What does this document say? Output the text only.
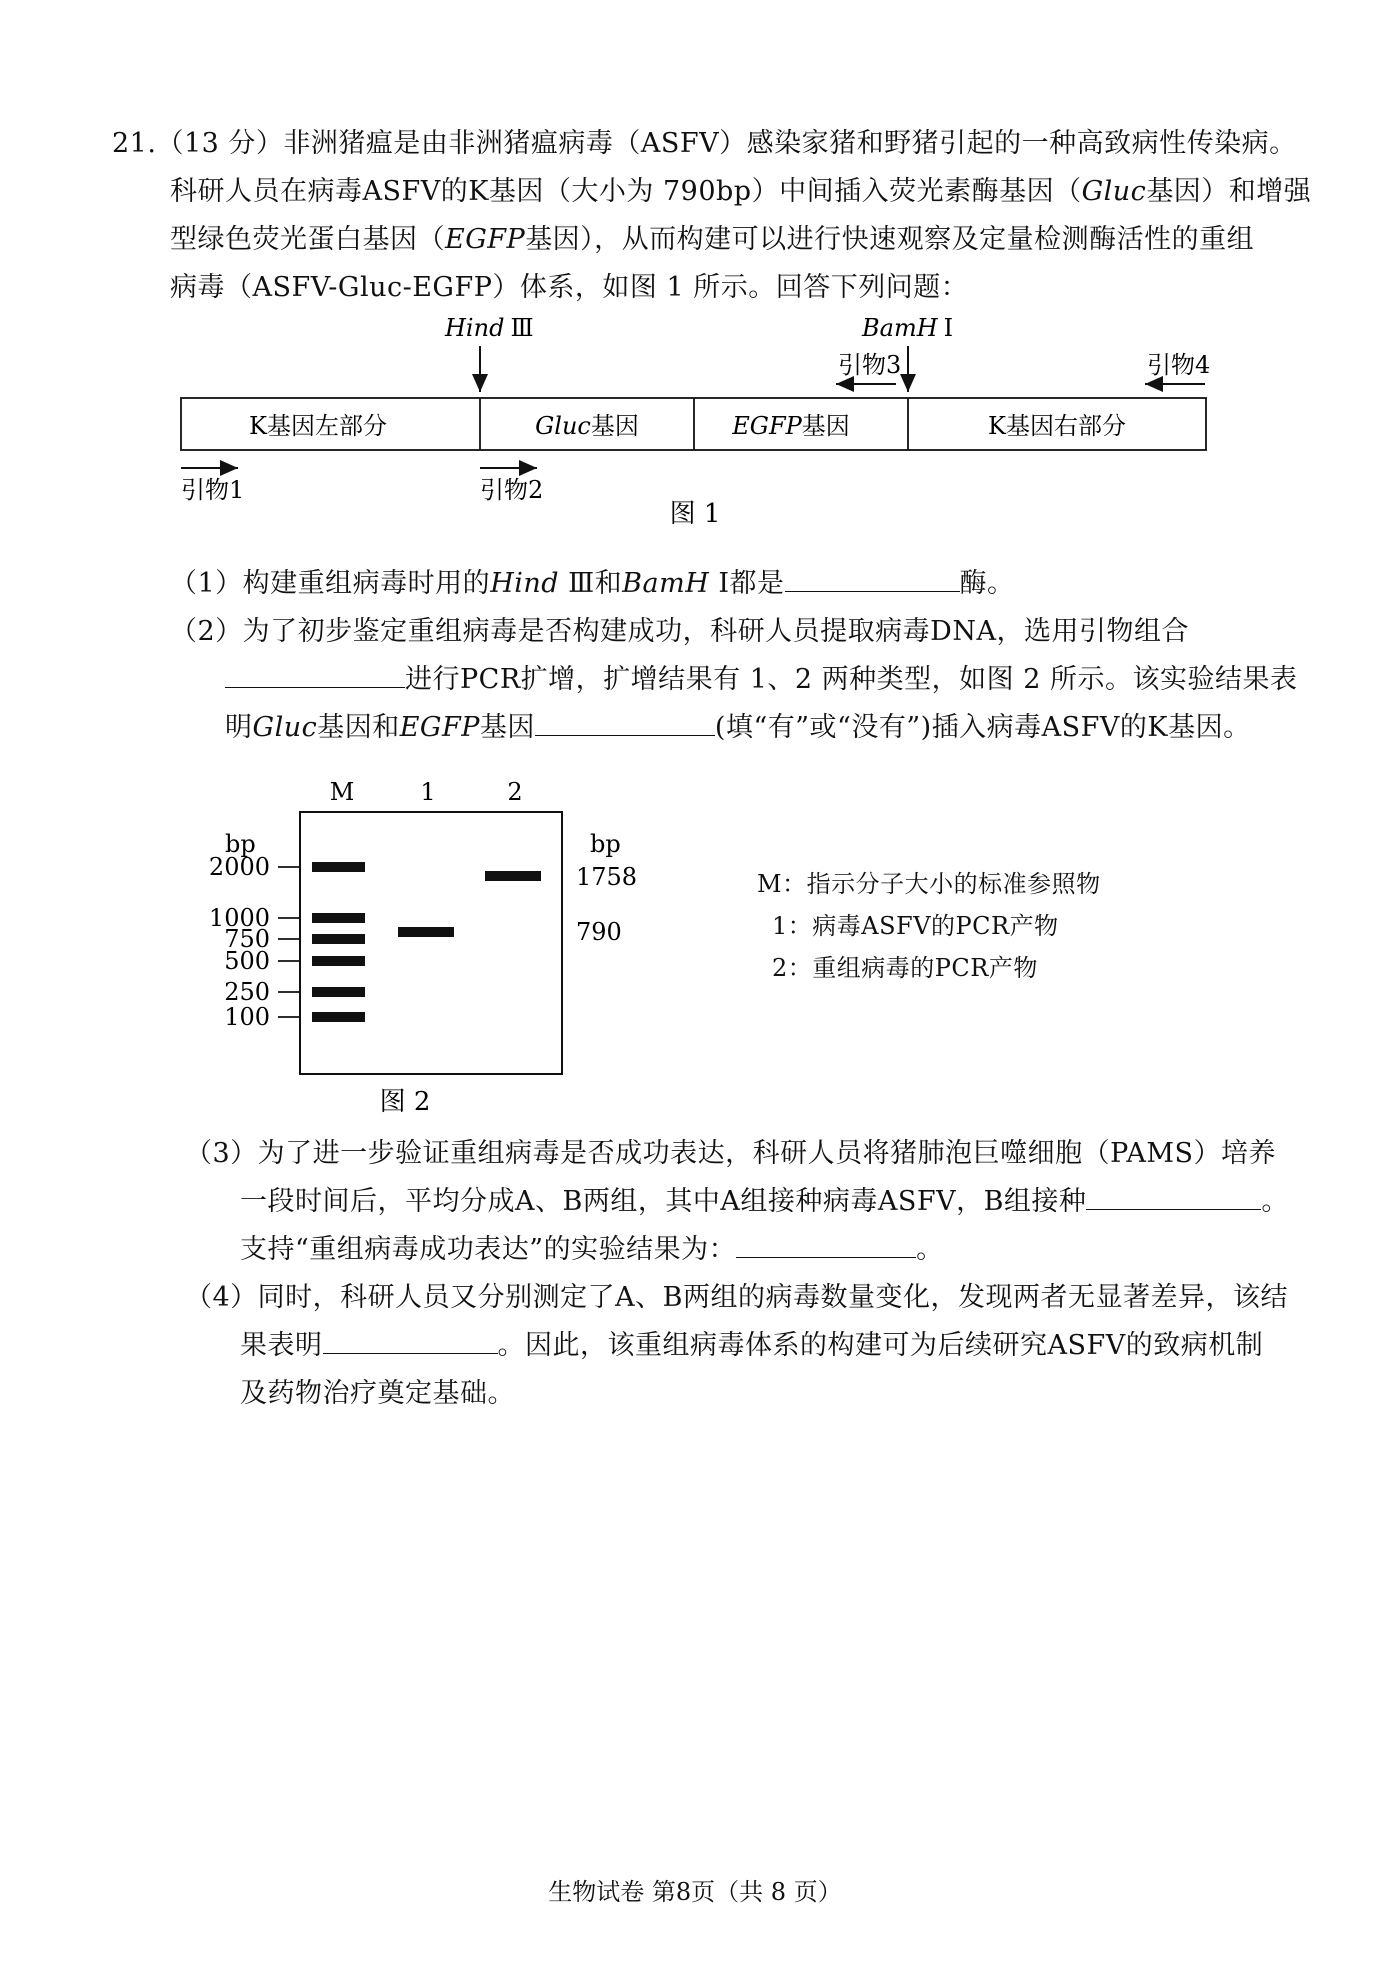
21.（13 分）非洲猪瘟是由非洲猪瘟病毒（ASFV）感染家猪和野猪引起的一种高致病性传染病。
科研人员在病毒ASFV的K基因（大小为 790bp）中间插入荧光素酶基因（Gluc基因）和增强
型绿色荧光蛋白基因（EGFP基因），从而构建可以进行快速观察及定量检测酶活性的重组
病毒（ASFV-Gluc-EGFP）体系，如图 1 所示。回答下列问题：
Hind Ⅲ	BamH Ⅰ
引物3	引物4
K基因左部分	Gluc基因	EGFP基因	K基因右部分
引物1	引物2
图 1
（1）构建重组病毒时用的Hind Ⅲ和BamH Ⅰ都是	酶。
（2）为了初步鉴定重组病毒是否构建成功，科研人员提取病毒DNA，选用引物组合
进行PCR扩增，扩增结果有 1、2 两种类型，如图 2 所示。该实验结果表
明Gluc基因和EGFP基因	(填“有”或“没有”)插入病毒ASFV的K基因。
M	1	2
bp	bp
2000
1000
750
500
250
100
1758
790
图 2
M：指示分子大小的标准参照物
1：病毒ASFV的PCR产物
2：重组病毒的PCR产物
（3）为了进一步验证重组病毒是否成功表达，科研人员将猪肺泡巨噬细胞（PAMS）培养
一段时间后，平均分成A、B两组，其中A组接种病毒ASFV，B组接种	。
支持“重组病毒成功表达”的实验结果为：	。
（4）同时，科研人员又分别测定了A、B两组的病毒数量变化，发现两者无显著差异，该结
果表明	。因此，该重组病毒体系的构建可为后续研究ASFV的致病机制
及药物治疗奠定基础。
生物试卷 第8页（共 8 页）
